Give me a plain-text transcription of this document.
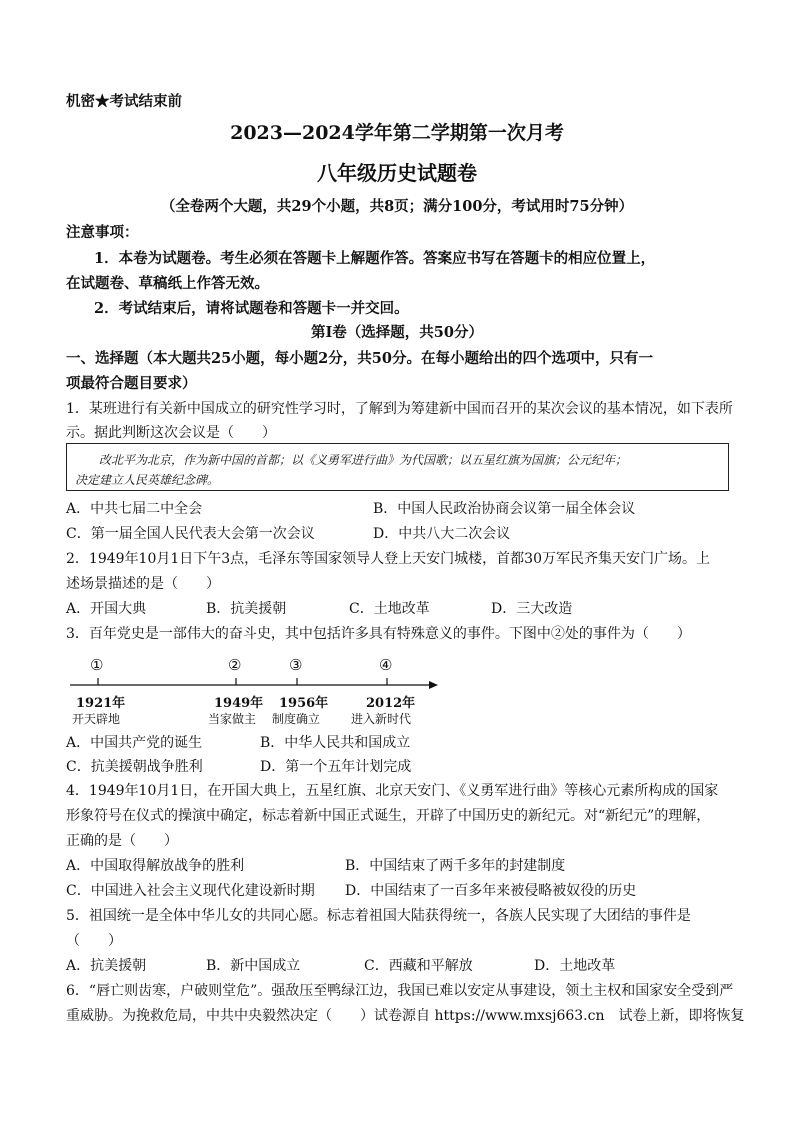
机密★考试结束前
2023—2024学年第二学期第一次月考
八年级历史试题卷
（全卷两个大题，共29个小题，共8页；满分100分，考试用时75分钟）
注意事项：
1．本卷为试题卷。考生必须在答题卡上解题作答。答案应书写在答题卡的相应位置上，
在试题卷、草稿纸上作答无效。
2．考试结束后，请将试题卷和答题卡一并交回。
第Ⅰ卷（选择题，共50分）
一、选择题（本大题共25小题，每小题2分，共50分。在每小题给出的四个选项中，只有一
项最符合题目要求）
1．某班进行有关新中国成立的研究性学习时，了解到为筹建新中国而召开的某次会议的基本情况，如下表所
示。据此判断这次会议是（　　）
改北平为北京，作为新中国的首都；以《义勇军进行曲》为代国歌；以五星红旗为国旗；公元纪年；
决定建立人民英雄纪念碑。
A．中共七届二中全会	B．中国人民政治协商会议第一届全体会议
C．第一届全国人民代表大会第一次会议	D．中共八大二次会议
2．1949年10月1日下午3点，毛泽东等国家领导人登上天安门城楼，首都30万军民齐集天安门广场。上
述场景描述的是（　　）
A．开国大典	B．抗美援朝	C．土地改革	D．三大改造
3．百年党史是一部伟大的奋斗史，其中包括许多具有特殊意义的事件。下图中②处的事件为（　　）
①	②	③	④
1921年	1949年 1956年	2012年
开天辟地	当家做主 制度确立	进入新时代
A．中国共产党的诞生	B．中华人民共和国成立
C．抗美援朝战争胜利	D．第一个五年计划完成
4．1949年10月1日，在开国大典上，五星红旗、北京天安门、《义勇军进行曲》等核心元素所构成的国家
形象符号在仪式的操演中确定，标志着新中国正式诞生，开辟了中国历史的新纪元。对“新纪元”的理解，
正确的是（　　）
A．中国取得解放战争的胜利	B．中国结束了两千多年的封建制度
C．中国进入社会主义现代化建设新时期 D．中国结束了一百多年来被侵略被奴役的历史
5．祖国统一是全体中华儿女的共同心愿。标志着祖国大陆获得统一，各族人民实现了大团结的事件是
（　　）
A．抗美援朝	B．新中国成立	C．西藏和平解放	D．土地改革
6．“唇亡则齿寒，户破则堂危”。强敌压至鸭绿江边，我国已难以安定从事建设，领土主权和国家安全受到严
重威胁。为挽救危局，中共中央毅然决定（　　）试卷源自 https://www.mxsj663.cn　试卷上新，即将恢复
